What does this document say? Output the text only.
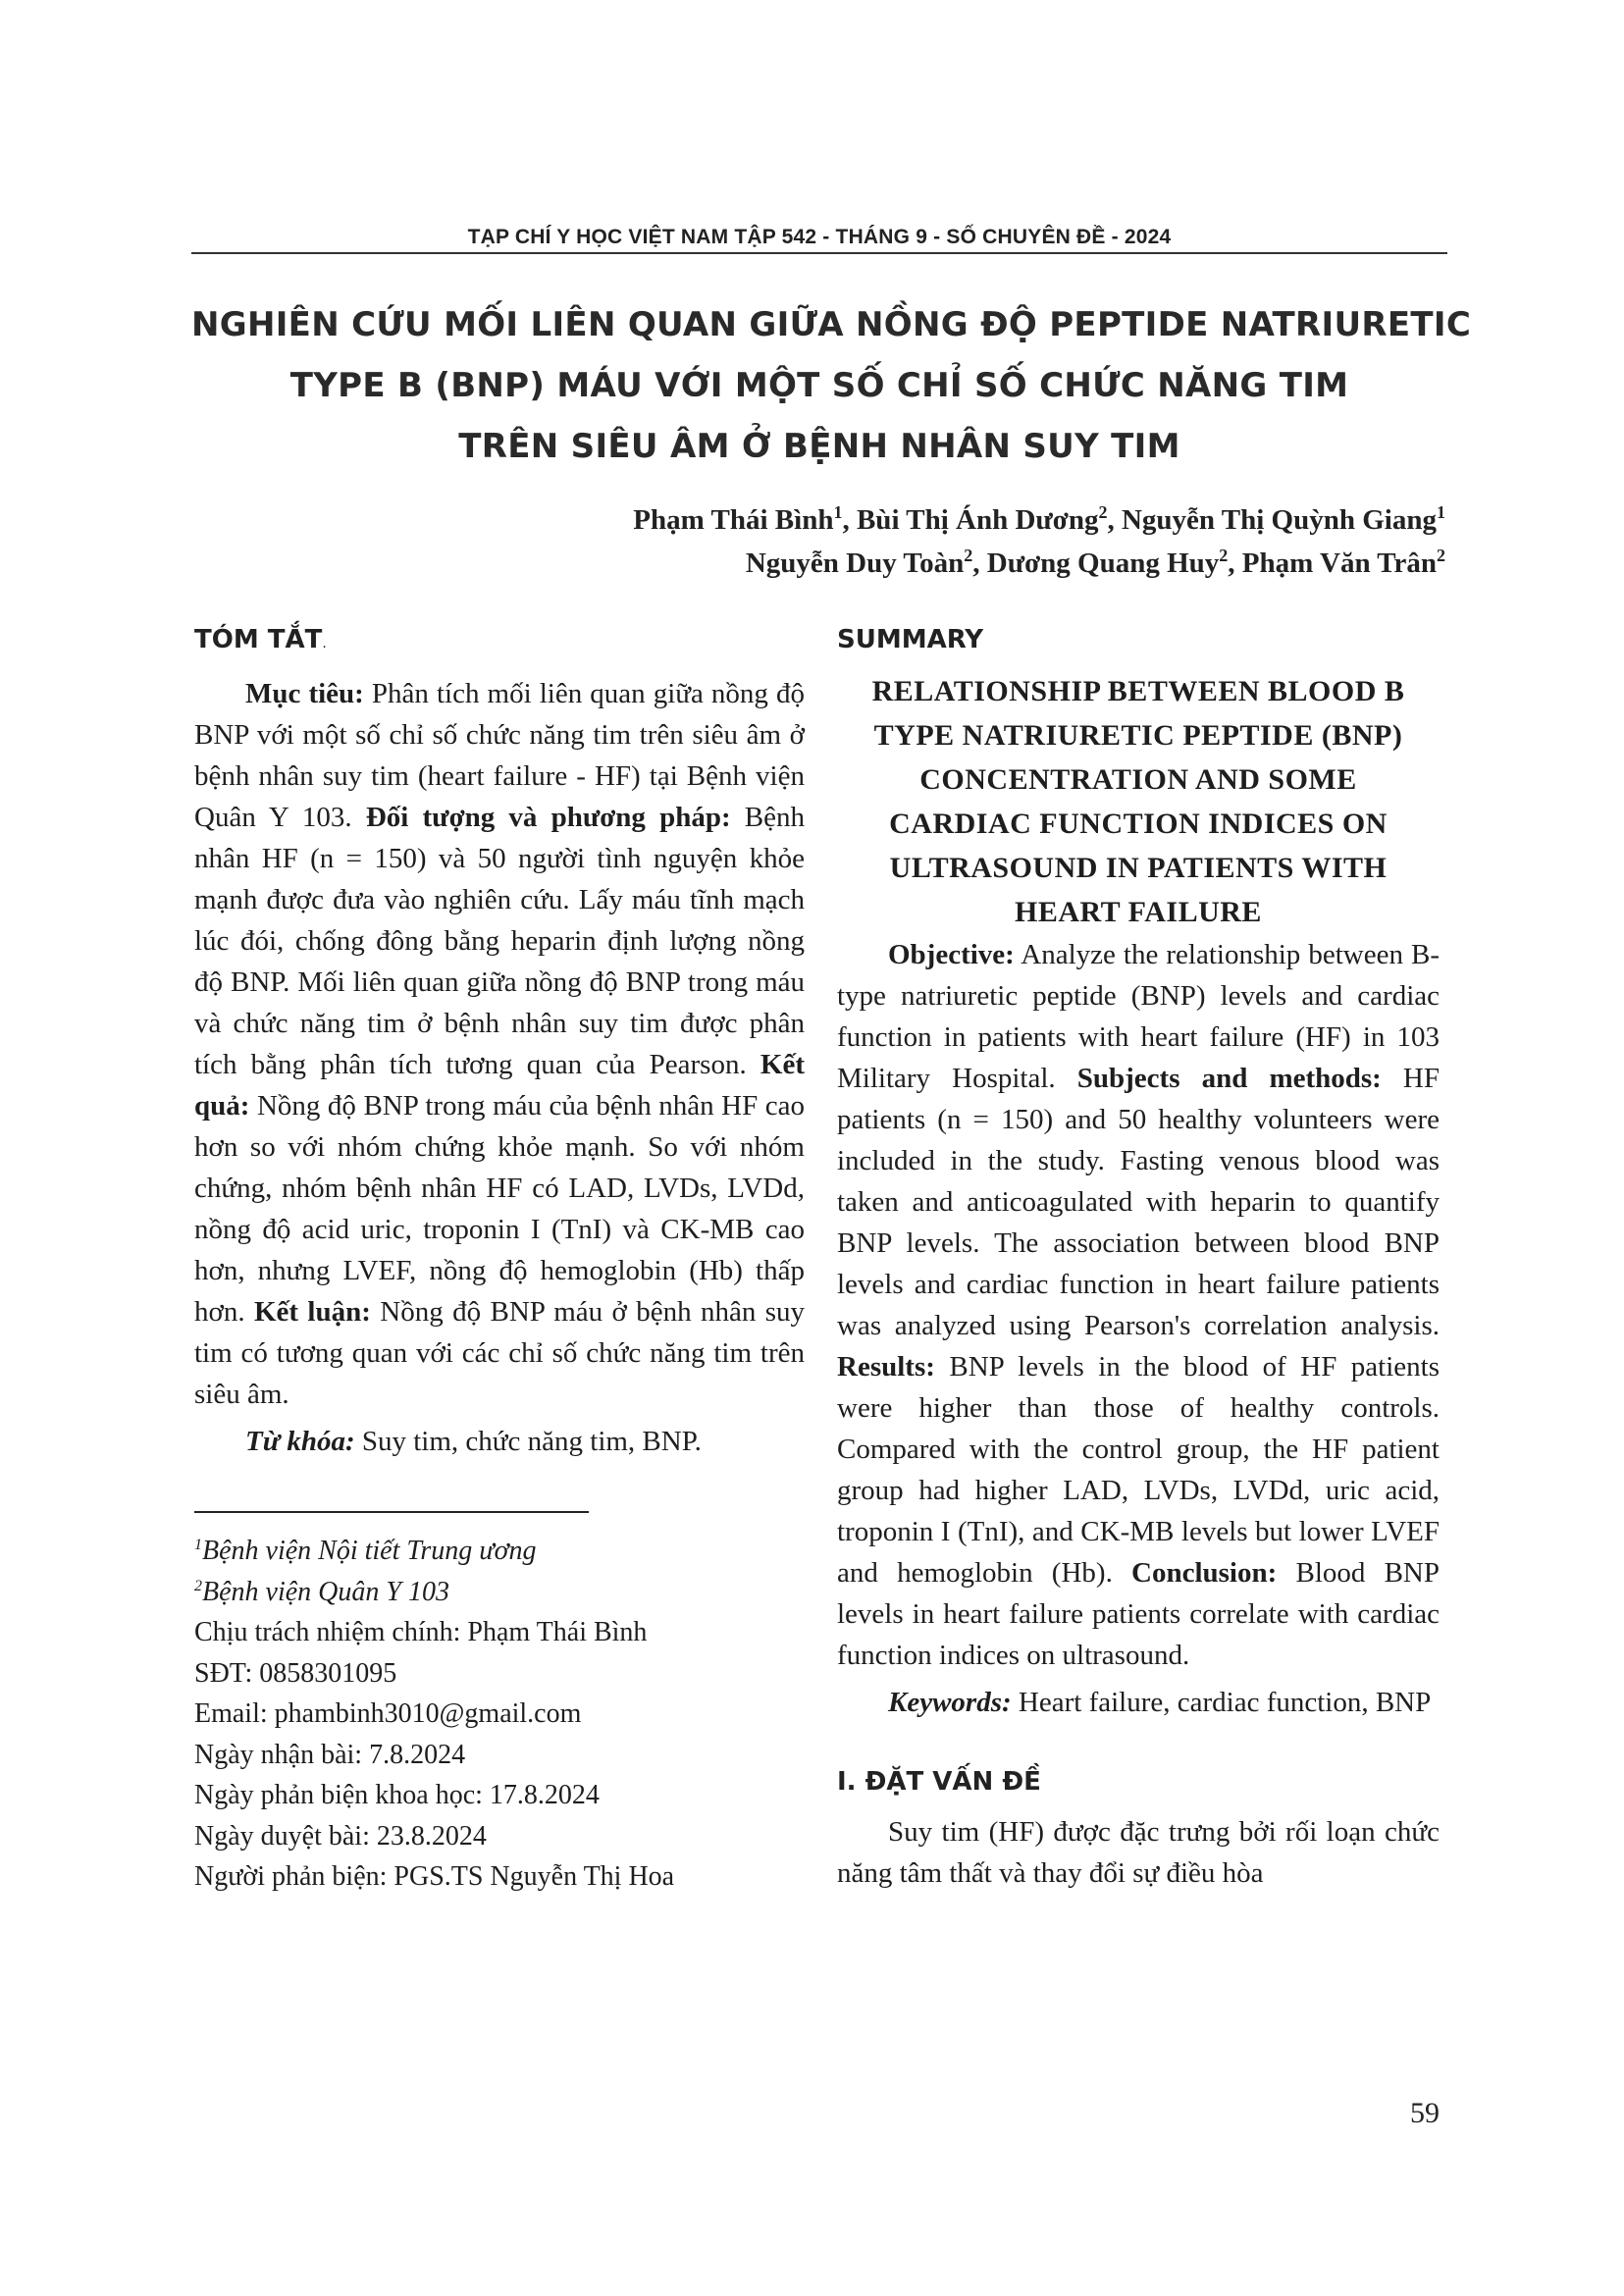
TẠP CHÍ Y HỌC VIỆT NAM TẬP 542 - THÁNG 9 - SỐ CHUYÊN ĐỀ - 2024
NGHIÊN CỨU MỐI LIÊN QUAN GIỮA NỒNG ĐỘ PEPTIDE NATRIURETIC
TYPE B (BNP) MÁU VỚI MỘT SỐ CHỈ SỐ CHỨC NĂNG TIM
TRÊN SIÊU ÂM Ở BỆNH NHÂN SUY TIM
Phạm Thái Bình$^1$, Bùi Thị Ánh Dương$^2$, Nguyễn Thị Quỳnh Giang$^1$
Nguyễn Duy Toàn$^2$, Dương Quang Huy$^2$, Phạm Văn Trân$^2$
TÓM TẮT.

Mục tiêu: Phân tích mối liên quan giữa nồng độ BNP với một số chỉ số chức năng tim trên siêu âm ở bệnh nhân suy tim (heart failure - HF) tại Bệnh viện Quân Y 103. Đối tượng và phương pháp: Bệnh nhân HF (n = 150) và 50 người tình nguyện khỏe mạnh được đưa vào nghiên cứu. Lấy máu tĩnh mạch lúc đói, chống đông bằng heparin định lượng nồng độ BNP. Mối liên quan giữa nồng độ BNP trong máu và chức năng tim ở bệnh nhân suy tim được phân tích bằng phân tích tương quan của Pearson. Kết quả: Nồng độ BNP trong máu của bệnh nhân HF cao hơn so với nhóm chứng khỏe mạnh. So với nhóm chứng, nhóm bệnh nhân HF có LAD, LVDs, LVDd, nồng độ acid uric, troponin I (TnI) và CK-MB cao hơn, nhưng LVEF, nồng độ hemoglobin (Hb) thấp hơn. Kết luận: Nồng độ BNP máu ở bệnh nhân suy tim có tương quan với các chỉ số chức năng tim trên siêu âm.

Từ khóa: Suy tim, chức năng tim, BNP.

$^1$Bệnh viện Nội tiết Trung ương
$^2$Bệnh viện Quân Y 103
Chịu trách nhiệm chính: Phạm Thái Bình
SĐT: 0858301095
Email: phambinh3010@gmail.com
Ngày nhận bài: 7.8.2024
Ngày phản biện khoa học: 17.8.2024
Ngày duyệt bài: 23.8.2024
Người phản biện: PGS.TS Nguyễn Thị Hoa
SUMMARY
RELATIONSHIP BETWEEN BLOOD B
TYPE NATRIURETIC PEPTIDE (BNP)
CONCENTRATION AND SOME
CARDIAC FUNCTION INDICES ON
ULTRASOUND IN PATIENTS WITH
HEART FAILURE

Objective: Analyze the relationship between B-type natriuretic peptide (BNP) levels and cardiac function in patients with heart failure (HF) in 103 Military Hospital. Subjects and methods: HF patients (n = 150) and 50 healthy volunteers were included in the study. Fasting venous blood was taken and anticoagulated with heparin to quantify BNP levels. The association between blood BNP levels and cardiac function in heart failure patients was analyzed using Pearson's correlation analysis. Results: BNP levels in the blood of HF patients were higher than those of healthy controls. Compared with the control group, the HF patient group had higher LAD, LVDs, LVDd, uric acid, troponin I (TnI), and CK-MB levels but lower LVEF and hemoglobin (Hb). Conclusion: Blood BNP levels in heart failure patients correlate with cardiac function indices on ultrasound.

Keywords: Heart failure, cardiac function, BNP

I. ĐẶT VẤN ĐỀ

Suy tim (HF) được đặc trưng bởi rối loạn chức năng tâm thất và thay đổi sự điều hòa

59
